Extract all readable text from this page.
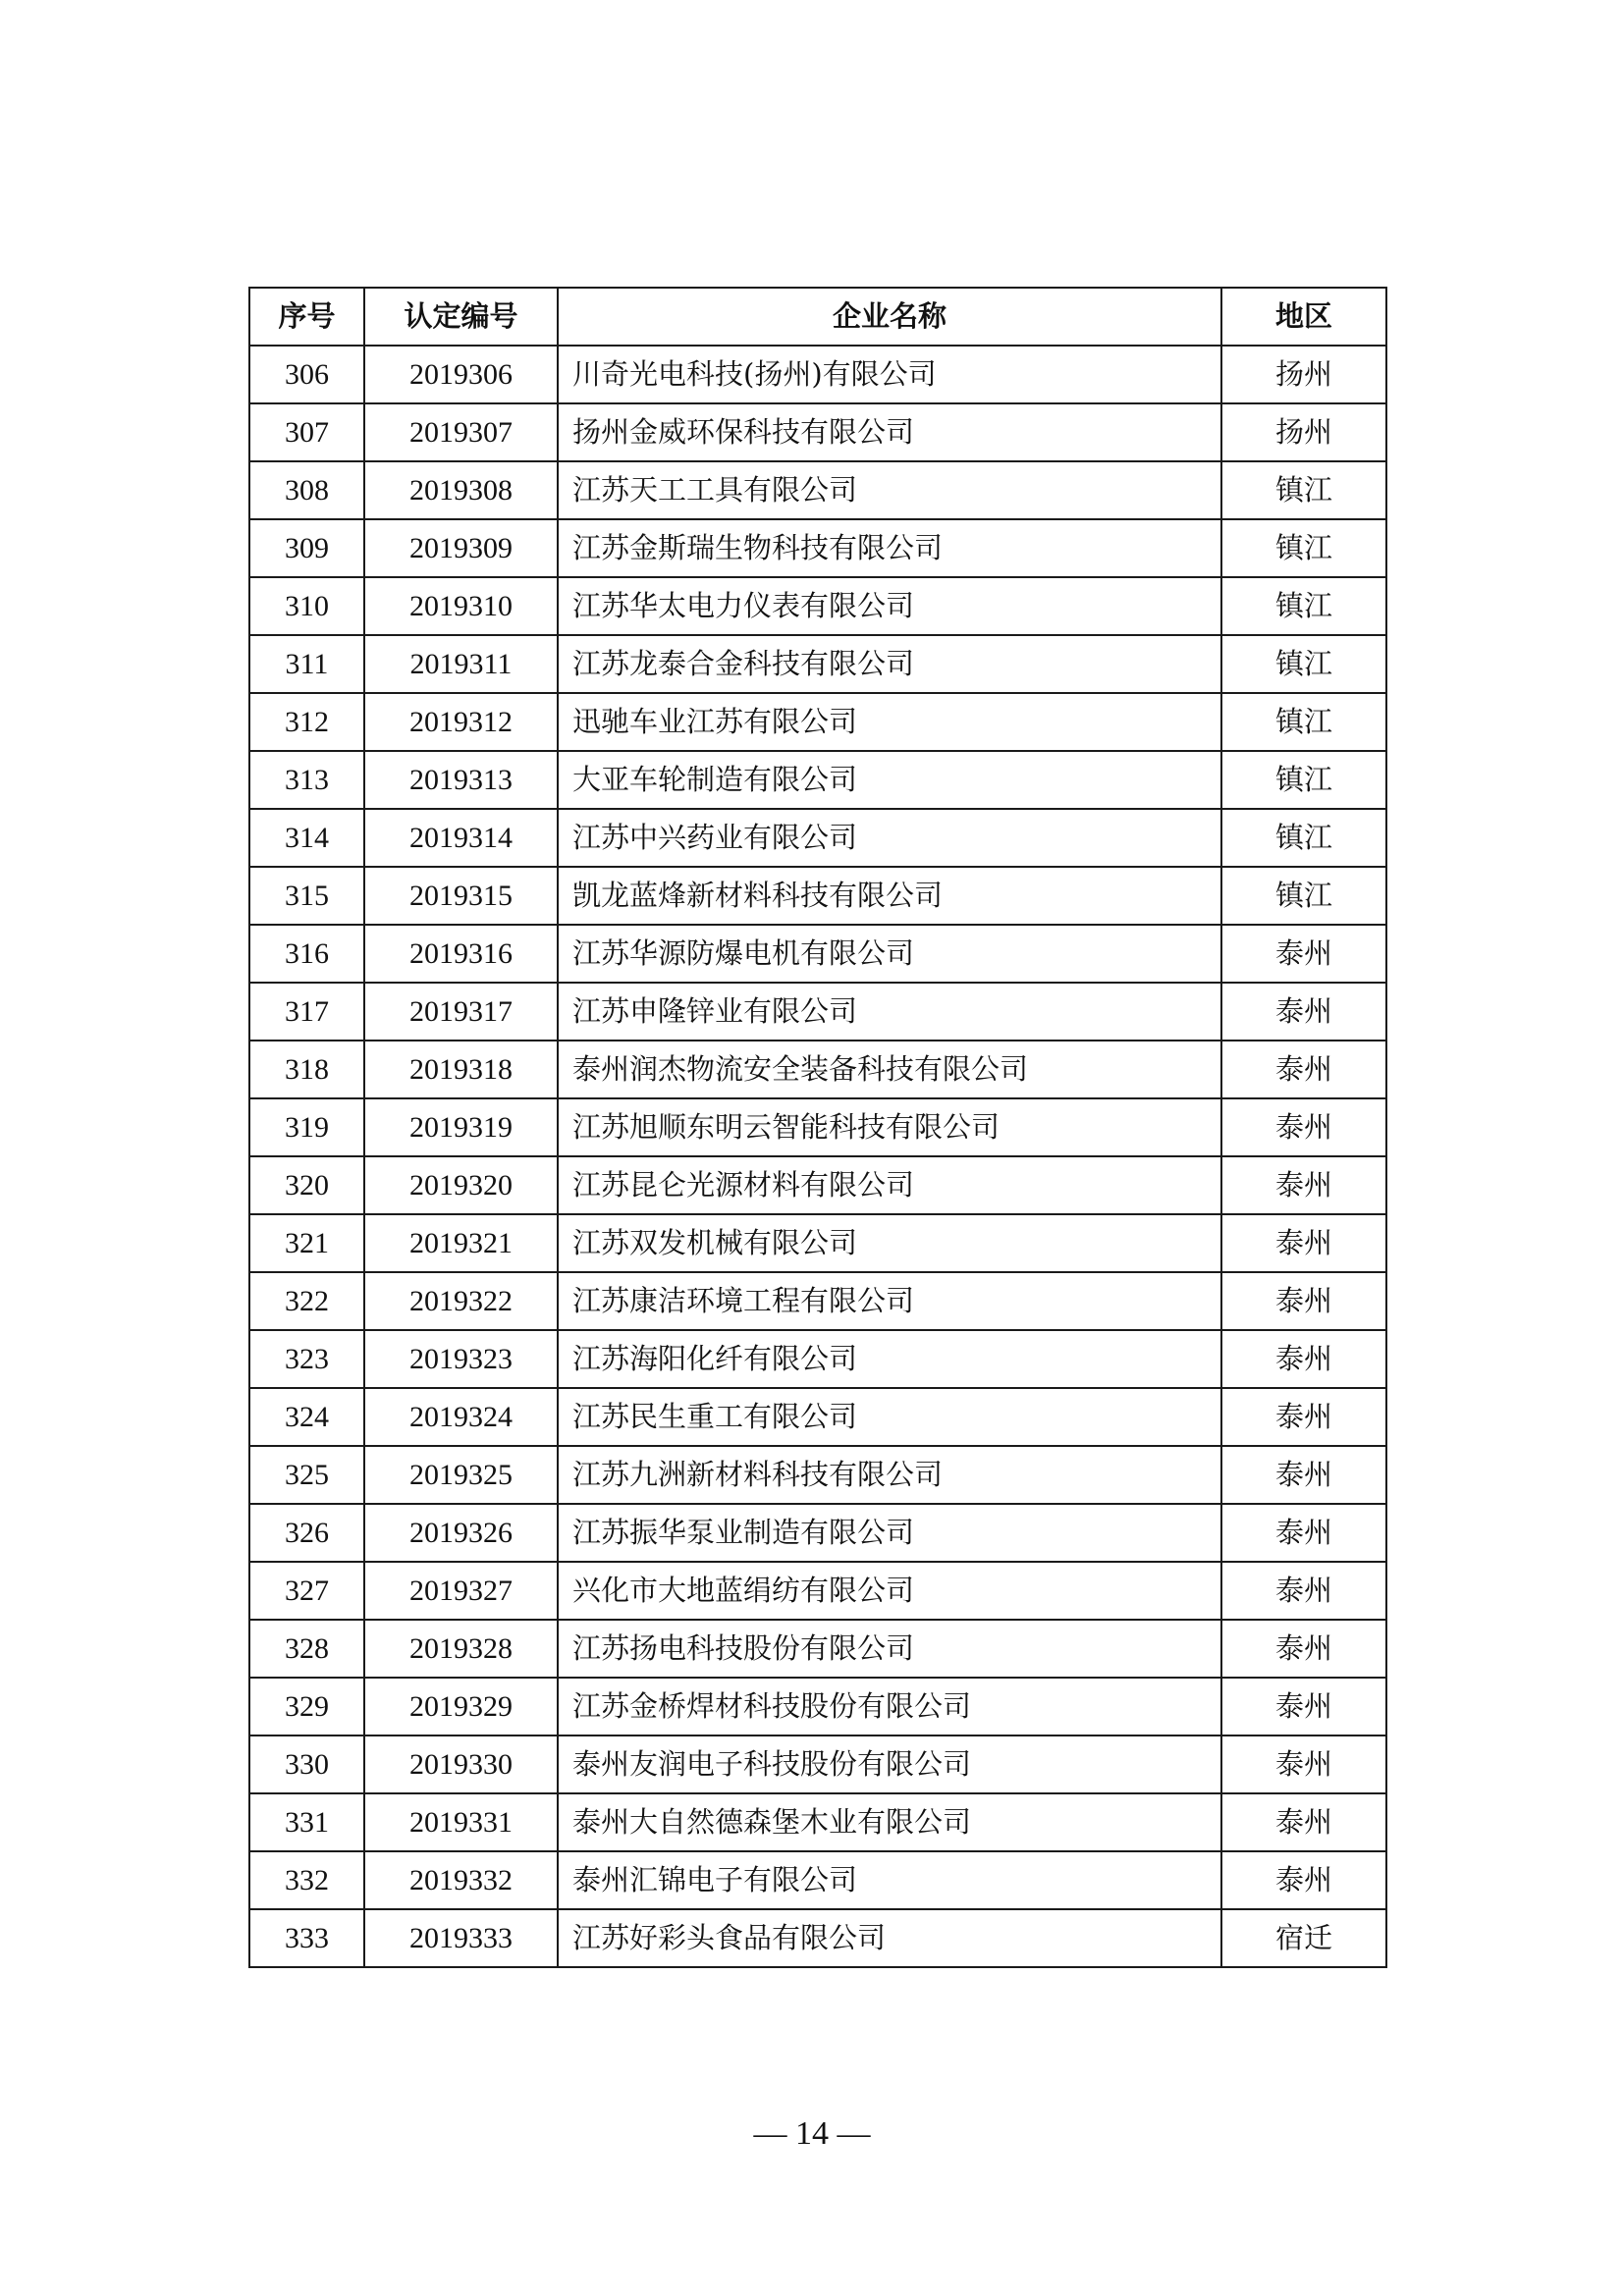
序号	认定编号	企业名称	地区
306	2019306	川奇光电科技(扬州)有限公司	扬州
307	2019307	扬州金威环保科技有限公司	扬州
308	2019308	江苏天工工具有限公司	镇江
309	2019309	江苏金斯瑞生物科技有限公司	镇江
310	2019310	江苏华太电力仪表有限公司	镇江
311	2019311	江苏龙泰合金科技有限公司	镇江
312	2019312	迅驰车业江苏有限公司	镇江
313	2019313	大亚车轮制造有限公司	镇江
314	2019314	江苏中兴药业有限公司	镇江
315	2019315	凯龙蓝烽新材料科技有限公司	镇江
316	2019316	江苏华源防爆电机有限公司	泰州
317	2019317	江苏申隆锌业有限公司	泰州
318	2019318	泰州润杰物流安全装备科技有限公司	泰州
319	2019319	江苏旭顺东明云智能科技有限公司	泰州
320	2019320	江苏昆仑光源材料有限公司	泰州
321	2019321	江苏双发机械有限公司	泰州
322	2019322	江苏康洁环境工程有限公司	泰州
323	2019323	江苏海阳化纤有限公司	泰州
324	2019324	江苏民生重工有限公司	泰州
325	2019325	江苏九洲新材料科技有限公司	泰州
326	2019326	江苏振华泵业制造有限公司	泰州
327	2019327	兴化市大地蓝绢纺有限公司	泰州
328	2019328	江苏扬电科技股份有限公司	泰州
329	2019329	江苏金桥焊材科技股份有限公司	泰州
330	2019330	泰州友润电子科技股份有限公司	泰州
331	2019331	泰州大自然德森堡木业有限公司	泰州
332	2019332	泰州汇锦电子有限公司	泰州
333	2019333	江苏好彩头食品有限公司	宿迁
— 14 —
